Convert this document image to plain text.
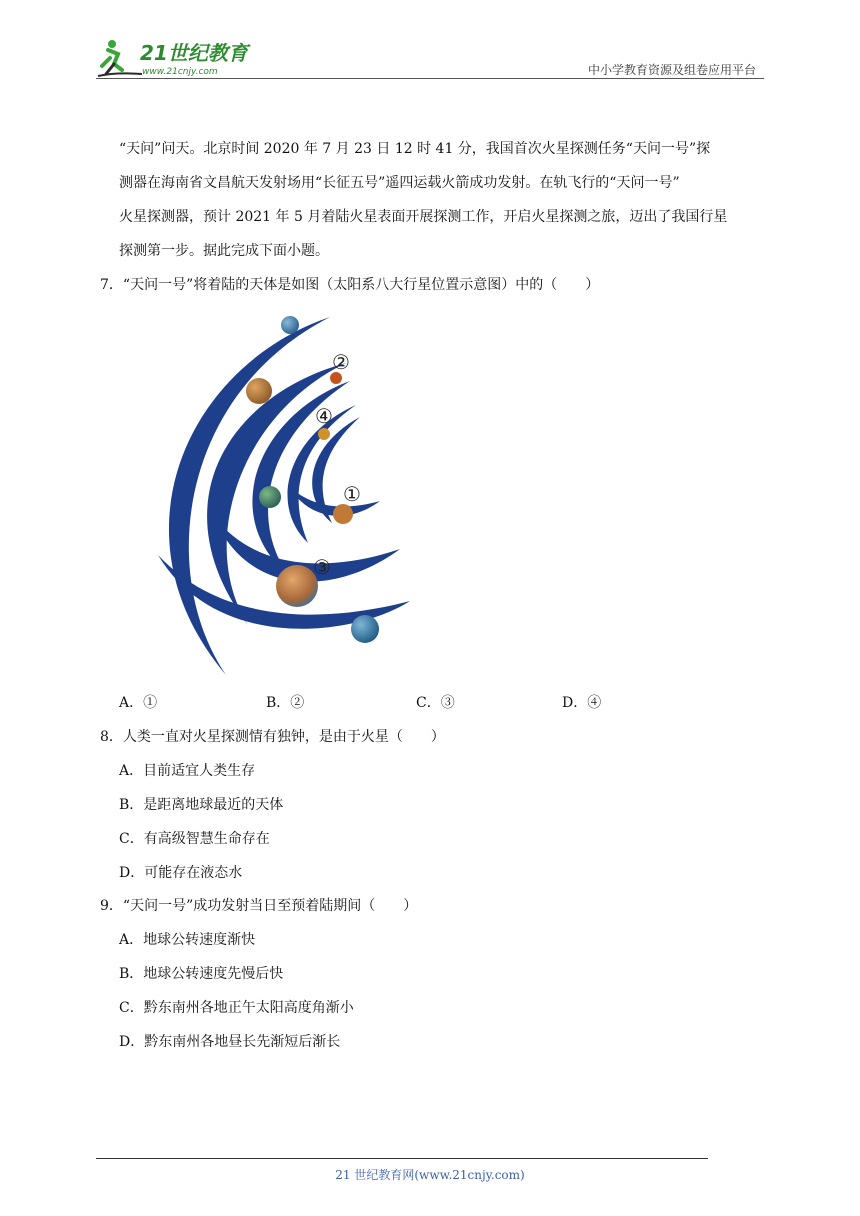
21世纪教育
www.21cnjy.com	中小学教育资源及组卷应用平台

“天问”问天。北京时间 2020 年 7 月 23 日 12 时 41 分，我国首次火星探测任务“天问一号”探

测器在海南省文昌航天发射场用“长征五号”遥四运载火箭成功发射。在轨飞行的“天问一号”

火星探测器，预计 2021 年 5 月着陆火星表面开展探测工作，开启火星探测之旅，迈出了我国行星

探测第一步。据此完成下面小题。

7．“天问一号”将着陆的天体是如图（太阳系八大行星位置示意图）中的（　　）
②
④
①
③
A．①	B．②	C．③	D．④
8．人类一直对火星探测情有独钟，是由于火星（　　）
A．目前适宜人类生存
B．是距离地球最近的天体
C．有高级智慧生命存在
D．可能存在液态水
9．“天问一号”成功发射当日至预着陆期间（　　）
A．地球公转速度渐快
B．地球公转速度先慢后快
C．黔东南州各地正午太阳高度角渐小
D．黔东南州各地昼长先渐短后渐长
21 世纪教育网(www.21cnjy.com)
